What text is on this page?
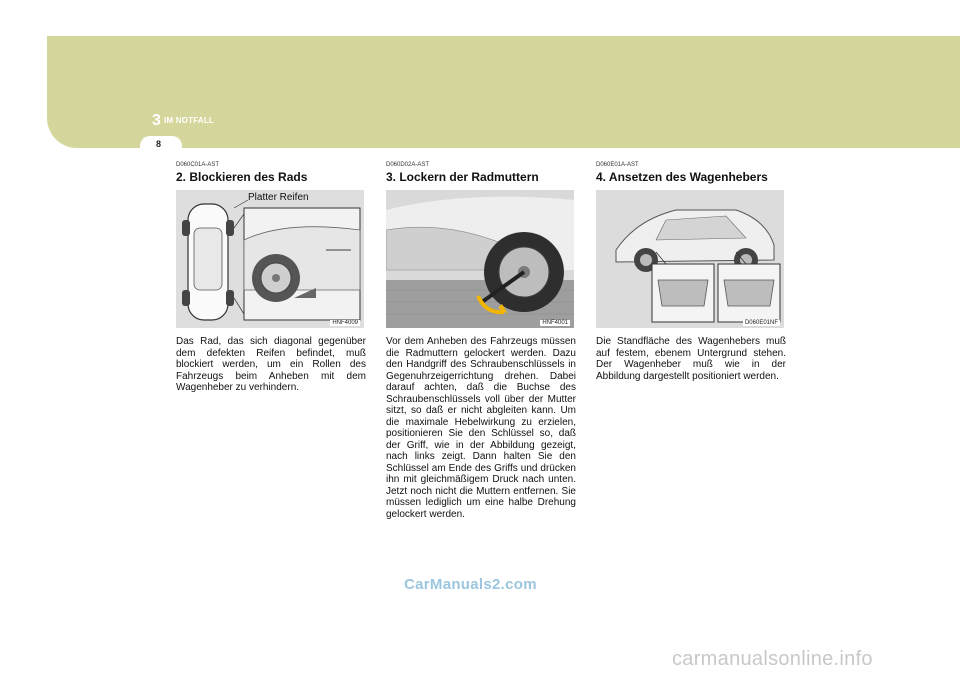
3 IM NOTFALL
8
D060C01A-AST
2. Blockieren des Rads
Platter Reifen
HNF4009
Das Rad, das sich diagonal gegenüber dem defekten Reifen befindet, muß blockiert werden, um ein Rollen des Fahrzeugs beim Anheben mit dem Wagenheber zu verhindern.
D060D02A-AST
3. Lockern der Radmuttern
HNF4001
Vor dem Anheben des Fahrzeugs müssen die Radmuttern gelockert werden. Dazu den Handgriff des Schraubenschlüssels in Gegenuhrzeigerrichtung drehen. Dabei darauf achten, daß die Buchse des Schraubenschlüssels voll über der Mutter sitzt, so daß er nicht abgleiten kann. Um die maximale Hebelwirkung zu erzielen, positionieren Sie den Schlüssel so, daß der Griff, wie in der Abbildung gezeigt, nach links zeigt. Dann halten Sie den Schlüssel am Ende des Griffs und drücken ihn mit gleichmäßigem Druck nach unten. Jetzt noch nicht die Muttern entfernen. Sie müssen lediglich um eine halbe Drehung gelockert werden.
D060E01A-AST
4. Ansetzen des Wagenhebers
D060E01NF
Die Standfläche des Wagenhebers muß auf festem, ebenem Untergrund stehen. Der Wagenheber muß wie in der Abbildung dargestellt positioniert werden.
CarManuals2.com
carmanualsonline.info
